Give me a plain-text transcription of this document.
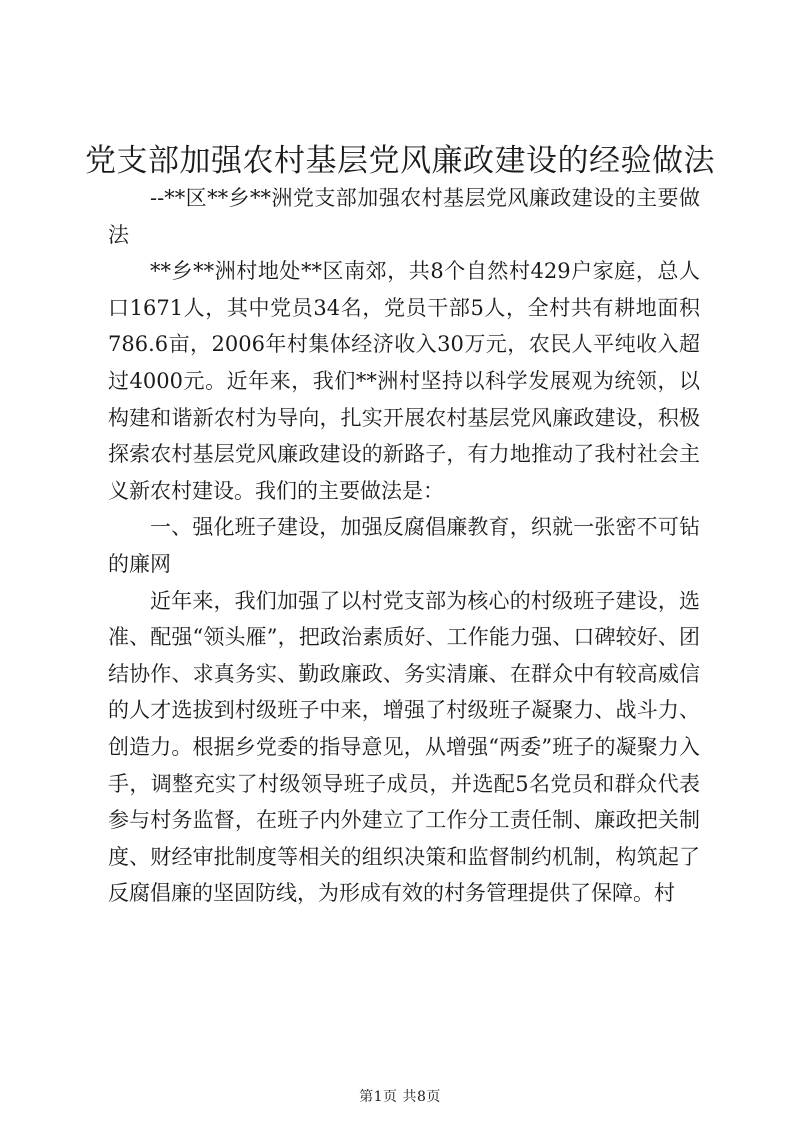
党支部加强农村基层党风廉政建设的经验做法

--**区**乡**洲党支部加强农村基层党风廉政建设的主要做法

**乡**洲村地处**区南郊，共8个自然村429户家庭，总人口1671人，其中党员34名，党员干部5人，全村共有耕地面积786.6亩，2006年村集体经济收入30万元，农民人平纯收入超过4000元。近年来，我们**洲村坚持以科学发展观为统领，以构建和谐新农村为导向，扎实开展农村基层党风廉政建设，积极探索农村基层党风廉政建设的新路子，有力地推动了我村社会主义新农村建设。我们的主要做法是：

一、强化班子建设，加强反腐倡廉教育，织就一张密不可钻的廉网

近年来，我们加强了以村党支部为核心的村级班子建设，选准、配强“领头雁”，把政治素质好、工作能力强、口碑较好、团结协作、求真务实、勤政廉政、务实清廉、在群众中有较高威信的人才选拔到村级班子中来，增强了村级班子凝聚力、战斗力、创造力。根据乡党委的指导意见，从增强“两委”班子的凝聚力入手，调整充实了村级领导班子成员，并选配5名党员和群众代表参与村务监督，在班子内外建立了工作分工责任制、廉政把关制度、财经审批制度等相关的组织决策和监督制约机制，构筑起了反腐倡廉的坚固防线，为形成有效的村务管理提供了保障。村

第1页 共8页
